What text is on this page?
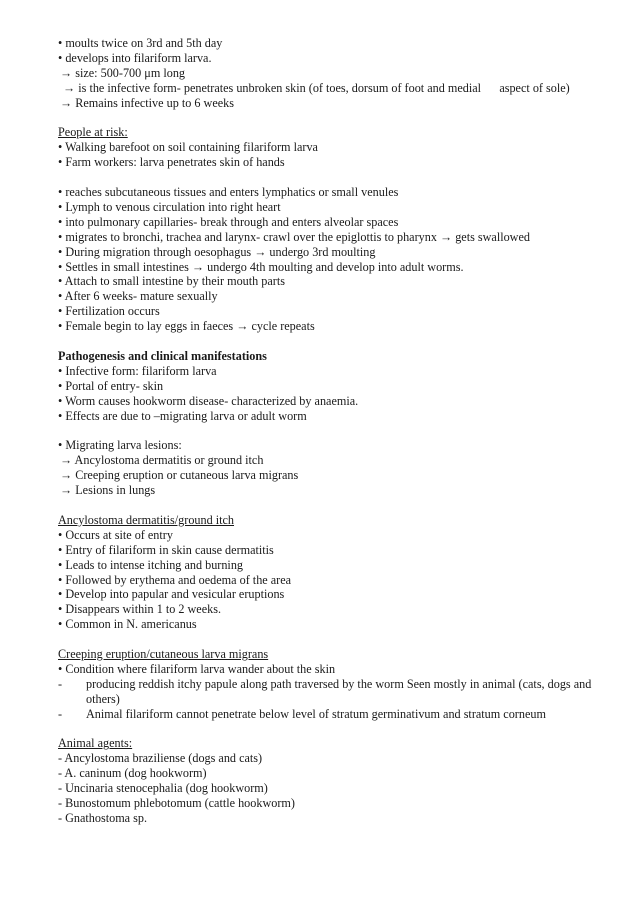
• moults twice on 3rd and 5th day
• develops into filariform larva.
→ size: 500-700 μm long
→ is the infective form- penetrates unbroken skin (of toes, dorsum of foot and medial      aspect of sole)
→ Remains infective up to 6 weeks
People at risk:
• Walking barefoot on soil containing filariform larva
• Farm workers: larva penetrates skin of hands
• reaches subcutaneous tissues and enters lymphatics or small venules
• Lymph to venous circulation into right heart
• into pulmonary capillaries- break through and enters alveolar spaces
• migrates to bronchi, trachea and larynx- crawl over the epiglottis to pharynx → gets swallowed
• During migration through oesophagus → undergo 3rd moulting
• Settles in small intestines → undergo 4th moulting and develop into adult worms.
• Attach to small intestine by their mouth parts
• After 6 weeks- mature sexually
• Fertilization occurs
• Female begin to lay eggs in faeces → cycle repeats
Pathogenesis and clinical manifestations
• Infective form: filariform larva
• Portal of entry- skin
• Worm causes hookworm disease- characterized by anaemia.
• Effects are due to –migrating larva or adult worm
• Migrating larva lesions:
→ Ancylostoma dermatitis or ground itch
→ Creeping eruption or cutaneous larva migrans
→ Lesions in lungs
Ancylostoma dermatitis/ground itch
• Occurs at site of entry
• Entry of filariform in skin cause dermatitis
• Leads to intense itching and burning
• Followed by erythema and oedema of the area
• Develop into papular and vesicular eruptions
• Disappears within 1 to 2 weeks.
• Common in N. americanus
Creeping eruption/cutaneous larva migrans
• Condition where filariform larva wander about the skin
-	producing reddish itchy papule along path traversed by the worm Seen mostly in animal (cats, dogs and others)
-	Animal filariform cannot penetrate below level of stratum germinativum and stratum corneum
Animal agents:
- Ancylostoma braziliense (dogs and cats)
- A. caninum (dog hookworm)
- Uncinaria stenocephalia (dog hookworm)
- Bunostomum phlebotomum (cattle hookworm)
- Gnathostoma sp.
